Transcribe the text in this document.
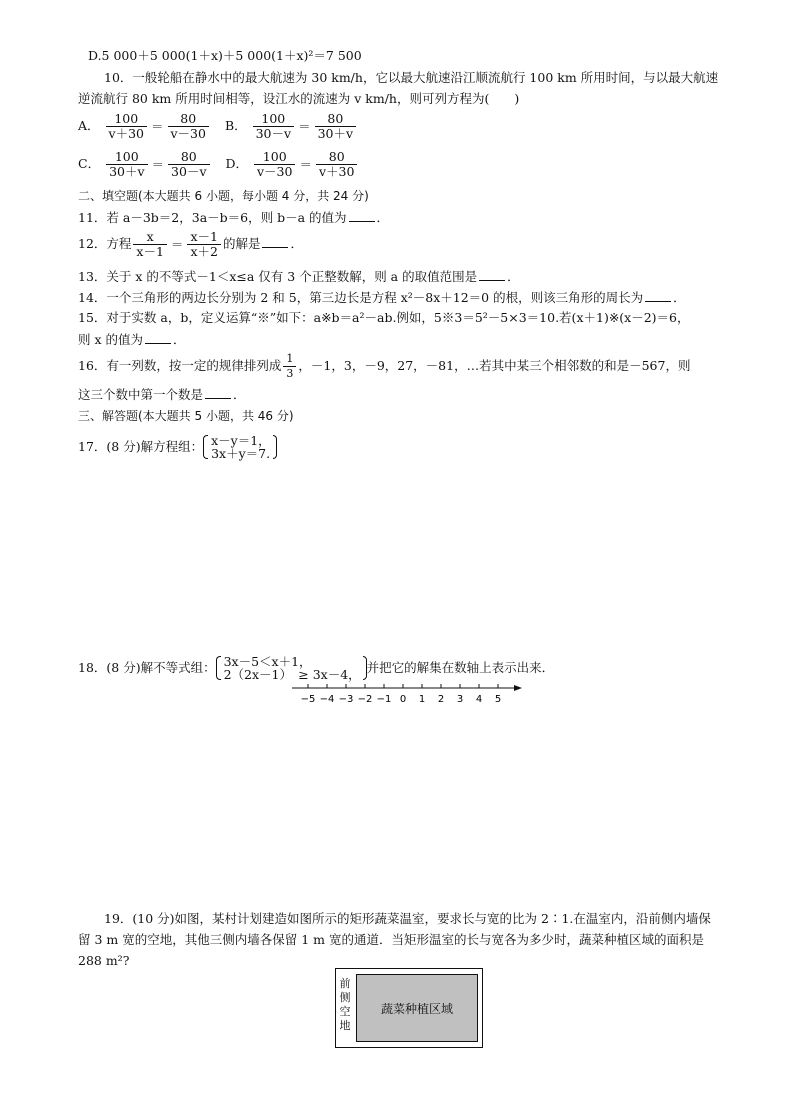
D.5 000＋5 000(1＋x)＋5 000(1＋x)²＝7 500
10．一般轮船在静水中的最大航速为 30 km/h，它以最大航速沿江顺流航行 100 km 所用时间，与以最大航速
逆流航行 80 km 所用时间相等，设江水的流速为 v km/h，则可列方程为(　　)
A． $\frac{100}{v+30} = \frac{80}{v-30}$ B． $\frac{100}{30-v} = \frac{80}{30+v}$
C． $\frac{100}{30+v} = \frac{80}{30-v}$ D． $\frac{100}{v-30} = \frac{80}{v+30}$
二、填空题(本大题共 6 小题，每小题 4 分，共 24 分)
11．若 a－3b＝2，3a－b＝6，则 b－a 的值为 ．
12．方程 $\frac{x}{x-1} = \frac{x-1}{x+2}$ 的解是 ．
13．关于 x 的不等式－1＜x≤a 仅有 3 个正整数解，则 a 的取值范围是 ．
14．一个三角形的两边长分别为 2 和 5，第三边长是方程 x²－8x＋12＝0 的根，则该三角形的周长为 ．
15．对于实数 a，b，定义运算“※”如下：a※b＝a²－ab.例如，5※3＝5²－5×3＝10.若(x＋1)※(x－2)＝6，
则 x 的值为 ．
16．有一列数，按一定的规律排列成 $\frac{1}{3}$ ，－1，3，－9，27，－81，…若其中某三个相邻数的和是－567，则
这三个数中第一个数是 ．
三、解答题(本大题共 5 小题，共 46 分)
17．(8 分)解方程组： x－y＝1，
3x＋y＝7.
18．(8 分)解不等式组： 3x－5＜x＋1，
2（2x－1）　≥ 3x－4， 并把它的解集在数轴上表示出来．
−5 −4 −3 −2 −1 0 1 2 3 4 5
19．(10 分)如图，某村计划建造如图所示的矩形蔬菜温室，要求长与宽的比为 2∶1.在温室内，沿前侧内墙保
留 3 m 宽的空地，其他三侧内墙各保留 1 m 宽的通道．当矩形温室的长与宽各为多少时，蔬菜种植区域的面积是
288 m²?
前
侧
空
地
蔬菜种植区域
